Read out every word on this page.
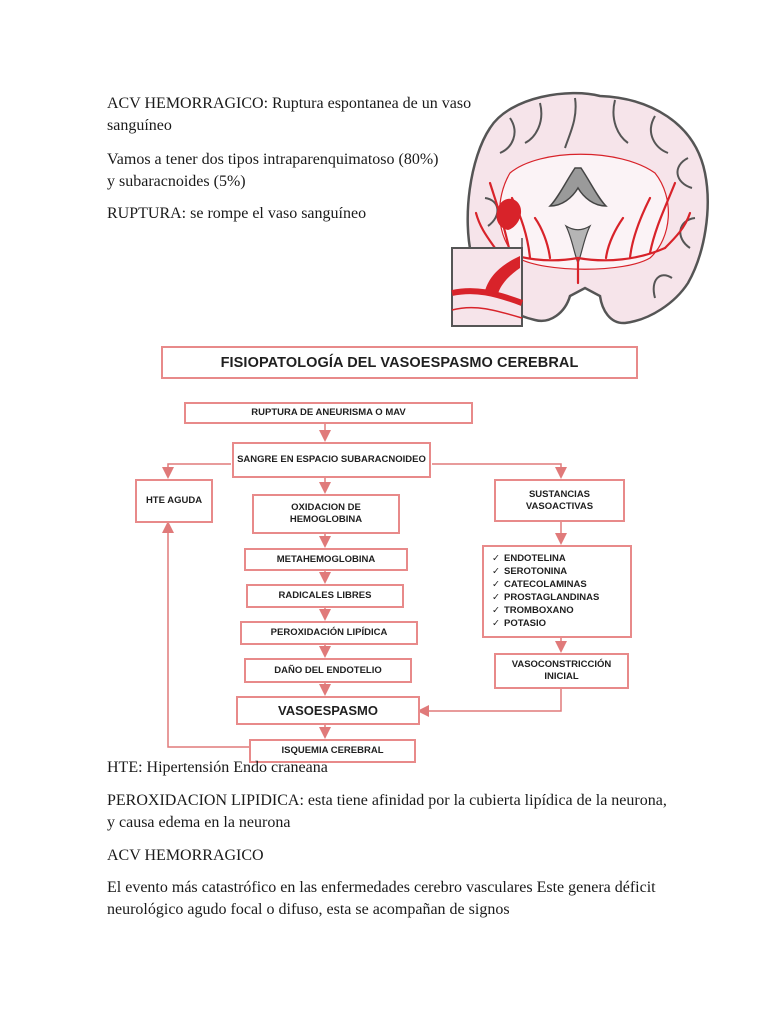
ACV HEMORRAGICO: Ruptura espontanea de un vaso sanguíneo

Vamos a tener dos tipos intraparenquimatoso (80%) y subaracnoides (5%)

RUPTURA: se rompe el vaso sanguíneo

FISIOPATOLOGÍA DEL VASOESPASMO CEREBRAL
RUPTURA DE ANEURISMA O MAV
SANGRE EN ESPACIO SUBARACNOIDEO
HTE AGUDA
OXIDACION DE HEMOGLOBINA
METAHEMOGLOBINA
RADICALES LIBRES
PEROXIDACIÓN LIPÍDICA
DAÑO DEL ENDOTELIO
VASOESPASMO
ISQUEMIA CEREBRAL
SUSTANCIAS VASOACTIVAS
✓ ENDOTELINA
✓ SEROTONINA
✓ CATECOLAMINAS
✓ PROSTAGLANDINAS
✓ TROMBOXANO
✓ POTASIO
VASOCONSTRICCIÓN INICIAL

HTE: Hipertensión Endo craneana

PEROXIDACION LIPIDICA: esta tiene afinidad por la cubierta lipídica de la neurona, y causa edema en la neurona

ACV HEMORRAGICO

El evento más catastrófico en las enfermedades cerebro vasculares Este genera déficit neurológico agudo focal o difuso, esta se acompañan de signos
